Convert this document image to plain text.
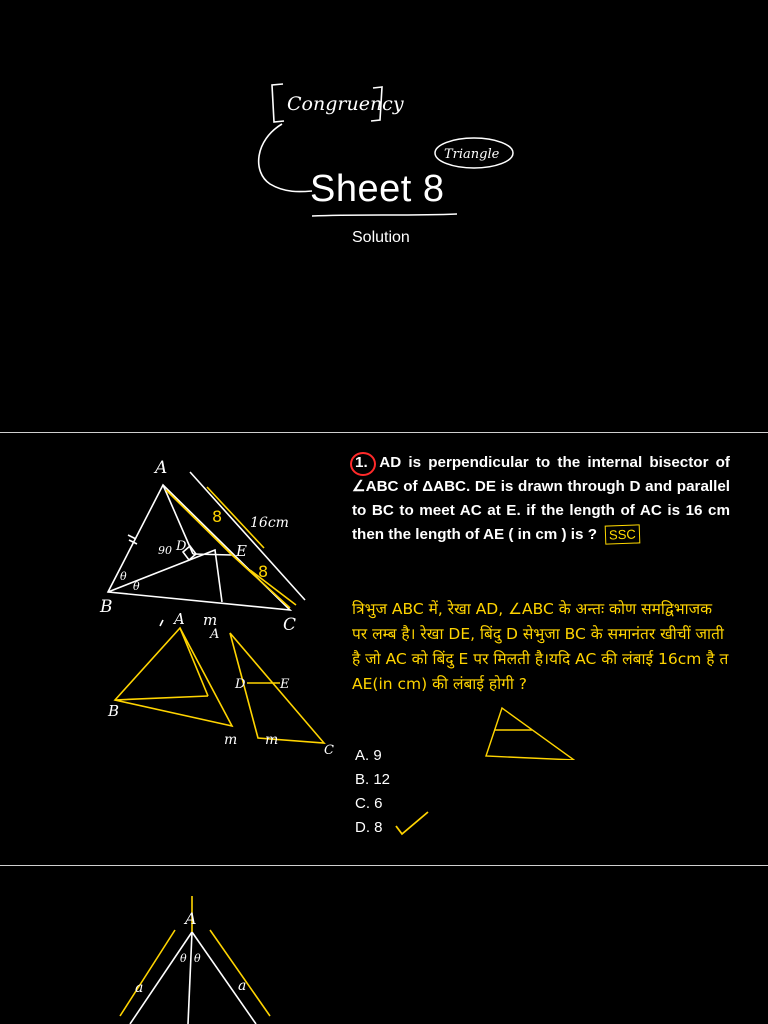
Congruency
Triangle
Sheet 8
Solution
A
B
C
D	E
m
16cm
8
8
90
θ
θ
A
B
A
D	E
m m
C
1. AD is perpendicular to the internal bisector of ∠ABC of ΔABC. DE is drawn through D and parallel to BC to meet AC at E. if the length of AC is 16 cm then the length of AE ( in cm ) is ? SSC
त्रिभुज ABC में, रेखा AD, ∠ABC के अन्तः कोण समद्विभाजक पर लम्ब है। रेखा DE, बिंदु D सेभुजा BC के समानंतर खीचीं जाती है जो AC को बिंदु E पर मिलती है।यदि AC की लंबाई 16cm है त AE(in cm) की लंबाई होगी ?
A. 9
B. 12
C. 6
D. 8
A
θ θ
a	a
